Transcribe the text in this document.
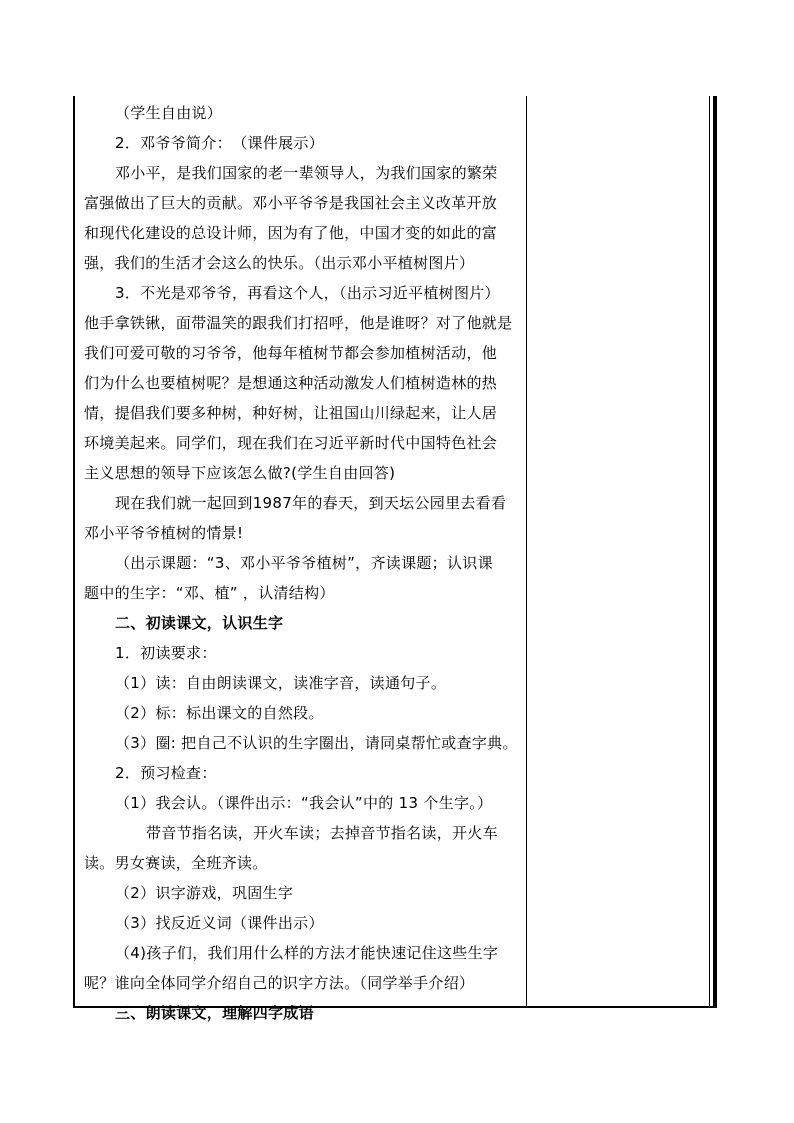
（学生自由说）
2．邓爷爷简介：　（课件展示）
邓小平，是我们国家的老一辈领导人，为我们国家的繁荣
富强做出了巨大的贡献。邓小平爷爷是我国社会主义改革开放
和现代化建设的总设计师，因为有了他，中国才变的如此的富
强，我们的生活才会这么的快乐。（出示邓小平植树图片）
3．不光是邓爷爷，再看这个人，（出示习近平植树图片）
他手拿铁锹，面带温笑的跟我们打招呼，他是谁呀？对了他就是
我们可爱可敬的习爷爷，他每年植树节都会参加植树活动，他
们为什么也要植树呢？是想通这种活动激发人们植树造林的热
情，提倡我们要多种树，种好树，让祖国山川绿起来，让人居
环境美起来。同学们，现在我们在习近平新时代中国特色社会
主义思想的领导下应该怎么做?(学生自由回答)
现在我们就一起回到1987年的春天，到天坛公园里去看看
邓小平爷爷植树的情景!
（出示课题：“3、邓小平爷爷植树”，齐读课题；认识课
题中的生字：“邓、植” ，认清结构）
二、初读课文，认识生字
1．初读要求：
（1）读：自由朗读课文，读准字音，读通句子。
（2）标：标出课文的自然段。
（3）圈: 把自己不认识的生字圈出，请同桌帮忙或查字典。
2．预习检查：
（1）我会认。（课件出示：“我会认”中的 13 个生字。）
带音节指名读，开火车读；去掉音节指名读，开火车
读。男女赛读，全班齐读。
（2）识字游戏，巩固生字
（3）找反近义词（课件出示）
（4)孩子们，我们用什么样的方法才能快速记住这些生字
呢？谁向全体同学介绍自己的识字方法。（同学举手介绍）
三、朗读课文，理解四字成语
